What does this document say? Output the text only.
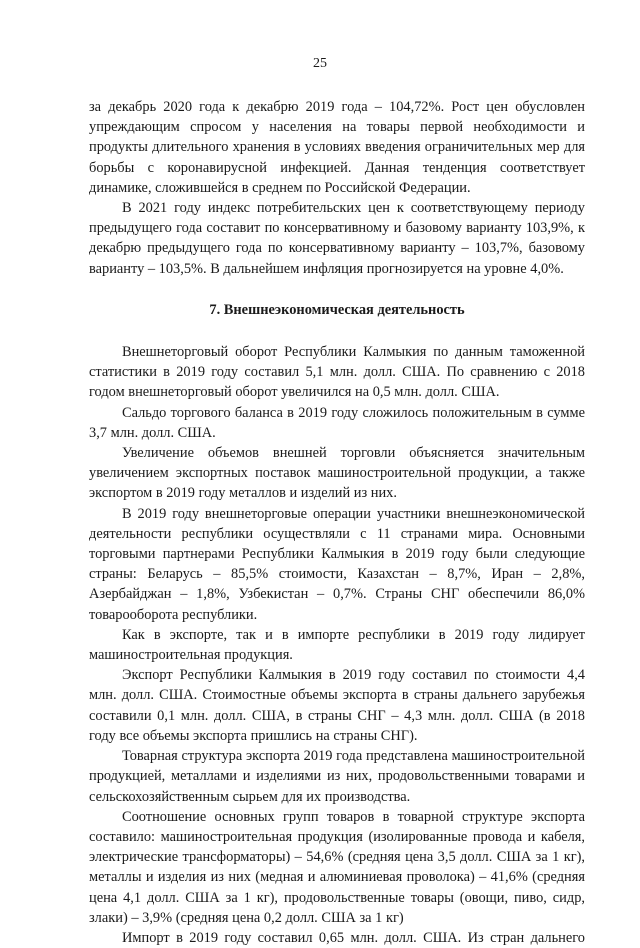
25

за декабрь 2020 года к декабрю 2019 года – 104,72%. Рост цен обусловлен упреждающим спросом у населения на товары первой необходимости и продукты длительного хранения в условиях введения ограничительных мер для борьбы с коронавирусной инфекцией. Данная тенденция соответствует динамике, сложившейся в среднем по Российской Федерации.

В 2021 году индекс потребительских цен к соответствующему периоду предыдущего года составит по консервативному и базовому варианту 103,9%, к декабрю предыдущего года по консервативному варианту – 103,7%, базовому варианту – 103,5%. В дальнейшем инфляция прогнозируется на уровне 4,0%.

7. Внешнеэкономическая деятельность

Внешнеторговый оборот Республики Калмыкия по данным таможенной статистики в 2019 году составил 5,1 млн. долл. США. По сравнению с 2018 годом внешнеторговый оборот увеличился на 0,5 млн. долл. США.

Сальдо торгового баланса в 2019 году сложилось положительным в сумме 3,7 млн. долл. США.

Увеличение объемов внешней торговли объясняется значительным увеличением экспортных поставок машиностроительной продукции, а также экспортом в 2019 году металлов и изделий из них.

В 2019 году внешнеторговые операции участники внешнеэкономической деятельности республики осуществляли с 11 странами мира. Основными торговыми партнерами Республики Калмыкия в 2019 году были следующие страны: Беларусь – 85,5% стоимости, Казахстан – 8,7%, Иран – 2,8%, Азербайджан – 1,8%, Узбекистан – 0,7%. Страны СНГ обеспечили 86,0% товарооборота республики.

Как в экспорте, так и в импорте республики в 2019 году лидирует машиностроительная продукция.

Экспорт Республики Калмыкия в 2019 году составил по стоимости 4,4 млн. долл. США. Стоимостные объемы экспорта в страны дальнего зарубежья составили 0,1 млн. долл. США, в страны СНГ – 4,3 млн. долл. США (в 2018 году все объемы экспорта пришлись на страны СНГ).

Товарная структура экспорта 2019 года представлена машиностроительной продукцией, металлами и изделиями из них, продовольственными товарами и сельскохозяйственным сырьем для их производства.

Соотношение основных групп товаров в товарной структуре экспорта составило: машиностроительная продукция (изолированные провода и кабеля, электрические трансформаторы) – 54,6% (средняя цена 3,5 долл. США за 1 кг), металлы и изделия из них (медная и алюминиевая проволока) – 41,6% (средняя цена 4,1 долл. США за 1 кг), продовольственные товары (овощи, пиво, сидр, злаки) – 3,9% (средняя цена 0,2 долл. США за 1 кг)

Импорт в 2019 году составил 0,65 млн. долл. США. Из стран дальнего
